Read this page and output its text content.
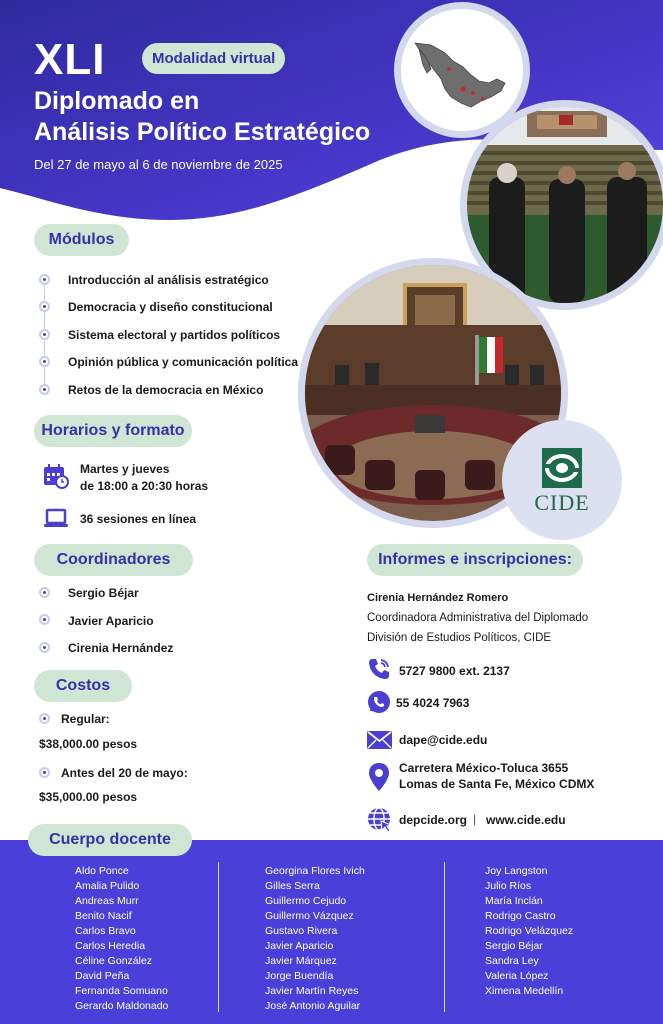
XLI	Modalidad virtual
Diplomado en
Análisis Político Estratégico
Del 27 de mayo al 6 de noviembre de 2025
CIDE
Módulos
Introducción al análisis estratégico
Democracia y diseño constitucional
Sistema electoral y partidos políticos
Opinión pública y comunicación política
Retos de la democracia en México
Horarios y formato
Martes y jueves
de 18:00 a 20:30 horas
36 sesiones en línea
Coordinadores
Sergio Béjar
Javier Aparicio
Cirenia Hernández
Costos
Regular:
$38,000.00 pesos
Antes del 20 de mayo:
$35,000.00 pesos
Informes e inscripciones:
Cirenia Hernández Romero
Coordinadora Administrativa del Diplomado
División de Estudios Políticos, CIDE
5727 9800 ext. 2137
55 4024 7963
dape@cide.edu
Carretera México-Toluca 3655
Lomas de Santa Fe, México CDMX
depcide.org | www.cide.edu
Cuerpo docente
Aldo Ponce
Amalia Pulido
Andreas Murr
Benito Nacif
Carlos Bravo
Carlos Heredia
Céline González
David Peña
Fernanda Somuano
Gerardo Maldonado
Georgina Flores Ivich
Gilles Serra
Guillermo Cejudo
Guillermo Vázquez
Gustavo Rivera
Javier Aparicio
Javier Márquez
Jorge Buendía
Javier Martín Reyes
José Antonio Aguilar
Joy Langston
Julio Ríos
María Inclán
Rodrigo Castro
Rodrigo Velázquez
Sergio Béjar
Sandra Ley
Valeria López
Ximena Medellín
